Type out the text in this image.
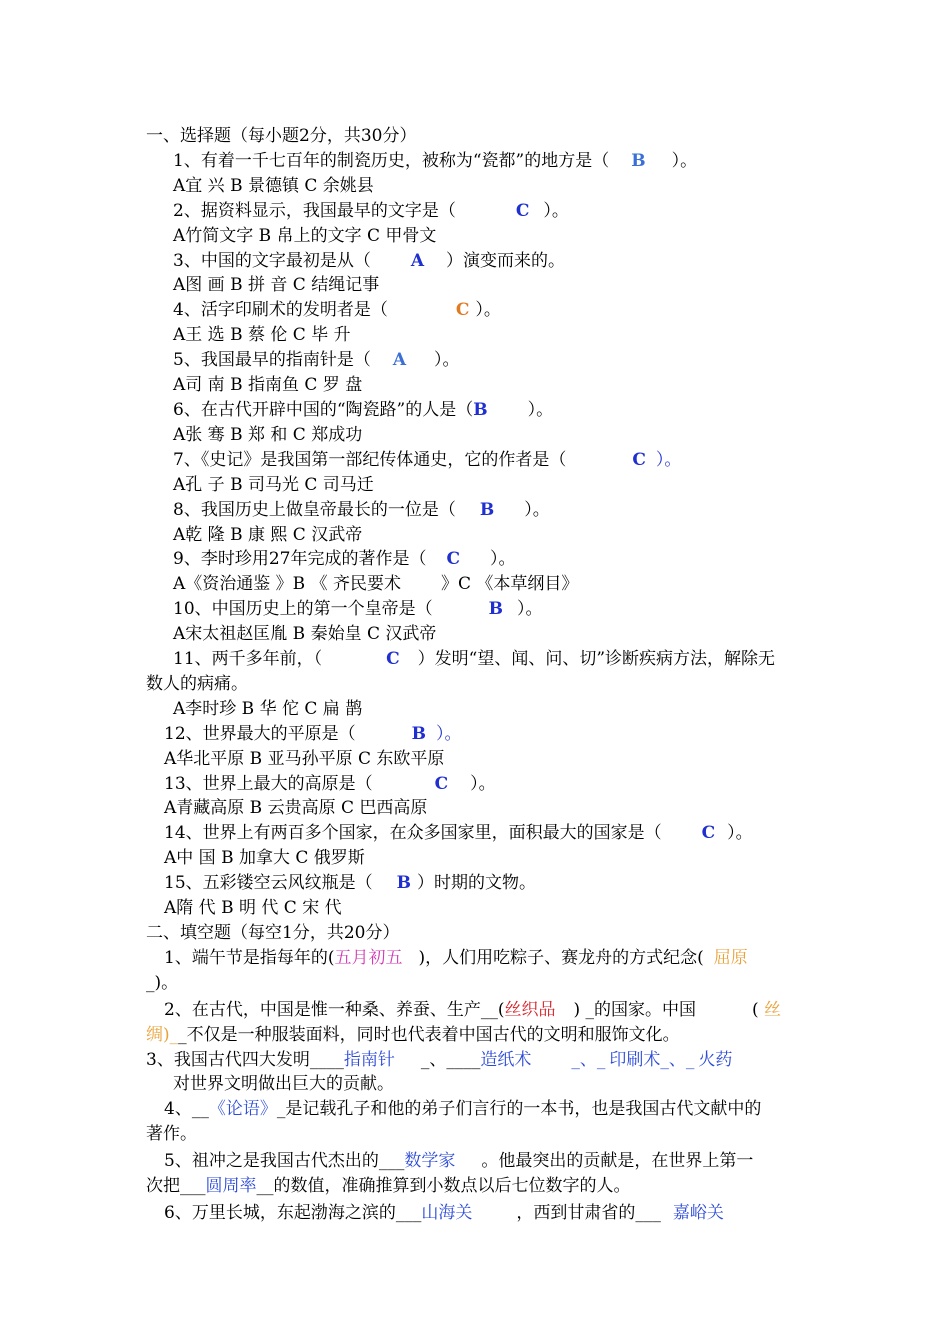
一、选择题（每小题2分，共30分）
1、有着一千七百年的制瓷历史，被称为“瓷都”的地方是（ B ）。
A宜 兴 B 景德镇 C 余姚县
2、据资料显示，我国最早的文字是（	C ）。
A竹简文字 B 帛上的文字 C 甲骨文
3、中国的文字最初是从（ A ）演变而来的。
A图 画 B 拼 音 C 结绳记事
4、活字印刷术的发明者是（	C ）。
A王 选 B 蔡 伦 C 毕 升
5、我国最早的指南针是（ A ）。
A司 南 B 指南鱼 C 罗 盘
6、在古代开辟中国的“陶瓷路”的人是（B ）。
A张 骞 B 郑 和 C 郑成功
7、《史记》是我国第一部纪传体通史，它的作者是（	C ）。
A孔 子 B 司马光 C 司马迁
8、我国历史上做皇帝最长的一位是（ B ）。
A乾 隆 B 康 熙 C 汉武帝
9、李时珍用27年完成的著作是（ C ）。
A《资治通鉴 》B 《 齐民要术 》C 《本草纲目》
10、中国历史上的第一个皇帝是（	B ）。
A宋太祖赵匡胤 B 秦始皇 C 汉武帝
11、两千多年前，（	C ）发明“望、闻、问、切”诊断疾病方法，解除无
数人的病痛。
A李时珍 B 华 佗 C 扁 鹊
12、世界最大的平原是（	B ）。
A华北平原 B 亚马孙平原 C 东欧平原
13、世界上最大的高原是（	C ）。
A青藏高原 B 云贵高原 C 巴西高原
14、世界上有两百多个国家，在众多国家里，面积最大的国家是（ C ）。
A中 国 B 加拿大 C 俄罗斯
15、五彩镂空云风纹瓶是（ B ）时期的文物。
A隋 代 B 明 代 C 宋 代
二、填空题（每空1分，共20分）
1、端午节是指每年的(五月初五 )，人们用吃粽子、赛龙舟的方式纪念( 屈原
_)。
2、在古代，中国是惟一种桑、养蚕、生产__(丝织品 ) _的国家。中国	( 丝
绸)__不仅是一种服装面料，同时也代表着中国古代的文明和服饰文化。
3、我国古代四大发明____指南针 _、____造纸术 _、_ 印刷术_、_ 火药
对世界文明做出巨大的贡献。
4、__《论语》_是记载孔子和他的弟子们言行的一本书，也是我国古代文献中的
著作。
5、祖冲之是我国古代杰出的___数学家 。他最突出的贡献是，在世界上第一
次把___圆周率__的数值，准确推算到小数点以后七位数字的人。
6、万里长城，东起渤海之滨的___山海关	，西到甘肃省的___ 嘉峪关
